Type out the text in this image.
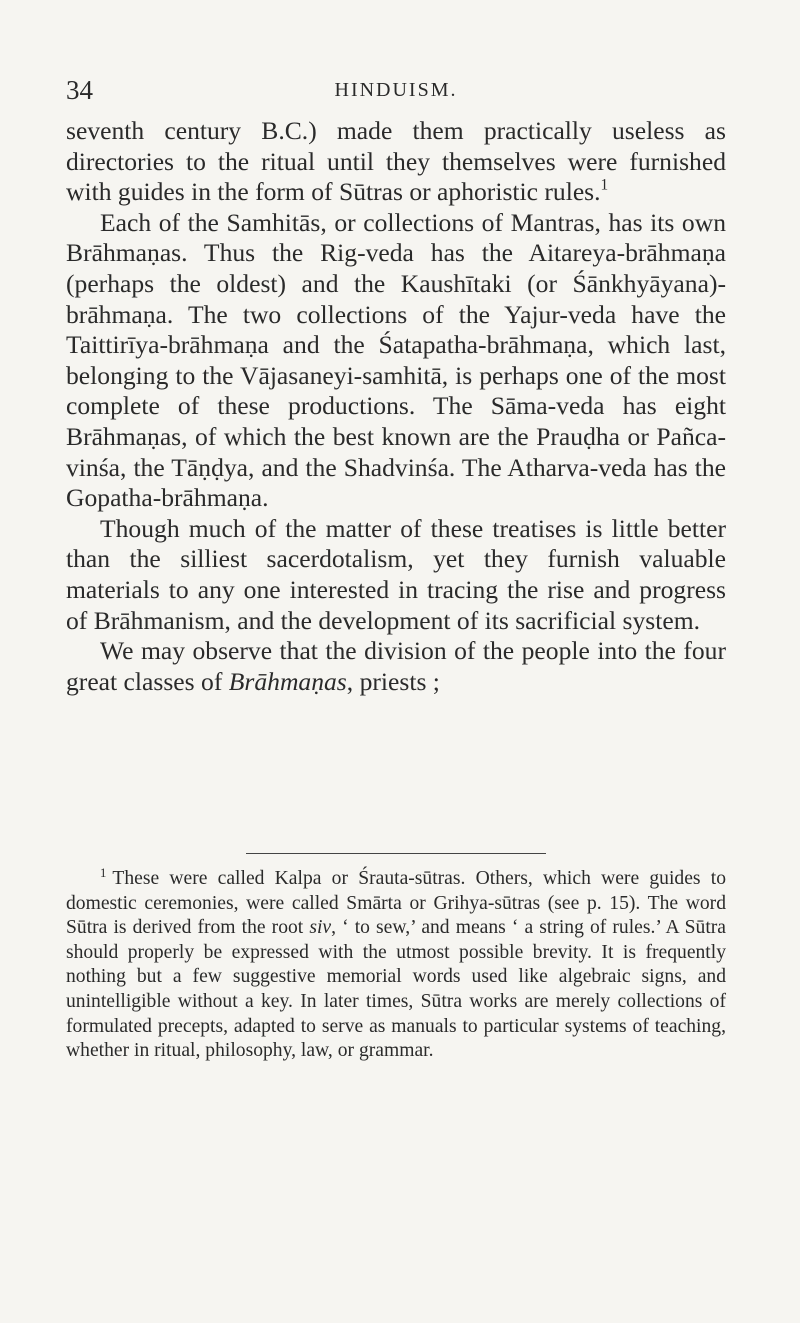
34	HINDUISM.

seventh century B.C.) made them practically useless as directories to the ritual until they themselves were furnished with guides in the form of Sūtras or aphoristic rules.$^1$

Each of the Samhitās, or collections of Mantras, has its own Brāhmaṇas. Thus the Rig-veda has the Aitareya-brāhmaṇa (perhaps the oldest) and the Kaushītaki (or Śānkhyāyana)-brāhmaṇa. The two collections of the Yajur-veda have the Taittirīya-brāhmaṇa and the Śatapatha-brāhmaṇa, which last, belonging to the Vājasaneyi-samhitā, is perhaps one of the most complete of these productions. The Sāma-veda has eight Brāhmaṇas, of which the best known are the Prauḍha or Pañca-vinśa, the Tāṇḍya, and the Shadvinśa. The Atharva-veda has the Gopatha-brāhmaṇa.

Though much of the matter of these treatises is little better than the silliest sacerdotalism, yet they furnish valuable materials to any one interested in tracing the rise and progress of Brāhmanism, and the development of its sacrificial system.

We may observe that the division of the people into the four great classes of Brāhmaṇas, priests ;

$^1$ These were called Kalpa or Śrauta-sūtras. Others, which were guides to domestic ceremonies, were called Smārta or Grihya-sūtras (see p. 15). The word Sūtra is derived from the root siv, ‘ to sew,’ and means ‘ a string of rules.’ A Sūtra should properly be expressed with the utmost possible brevity. It is frequently nothing but a few suggestive memorial words used like algebraic signs, and unintelligible without a key. In later times, Sūtra works are merely collections of formulated precepts, adapted to serve as manuals to particular systems of teaching, whether in ritual, philosophy, law, or grammar.
